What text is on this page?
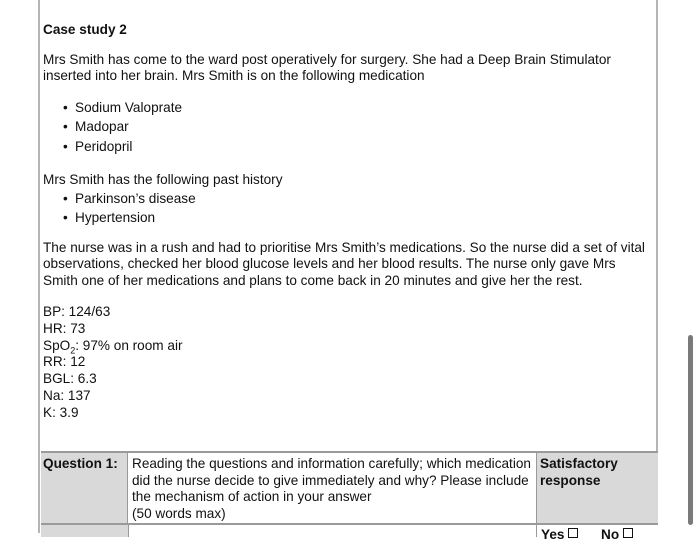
Case study 2

Mrs Smith has come to the ward post operatively for surgery. She had a Deep Brain Stimulator inserted into her brain. Mrs Smith is on the following medication

• Sodium Valoprate
• Madopar
• Peridopril
Mrs Smith has the following past history
• Parkinson’s disease
• Hypertension

The nurse was in a rush and had to prioritise Mrs Smith’s medications. So the nurse did a set of vital observations, checked her blood glucose levels and her blood results. The nurse only gave Mrs Smith one of her medications and plans to come back in 20 minutes and give her the rest.

BP: 124/63
HR: 73
SpO$_2$: 97% on room air
RR: 12
BGL: 6.3
Na: 137
K: 3.9
Question 1:	Reading the questions and information carefully; which medication did the nurse decide to give immediately and why? Please include the mechanism of action in your answer
(50 words max)
Satisfactory response
Yes	No
